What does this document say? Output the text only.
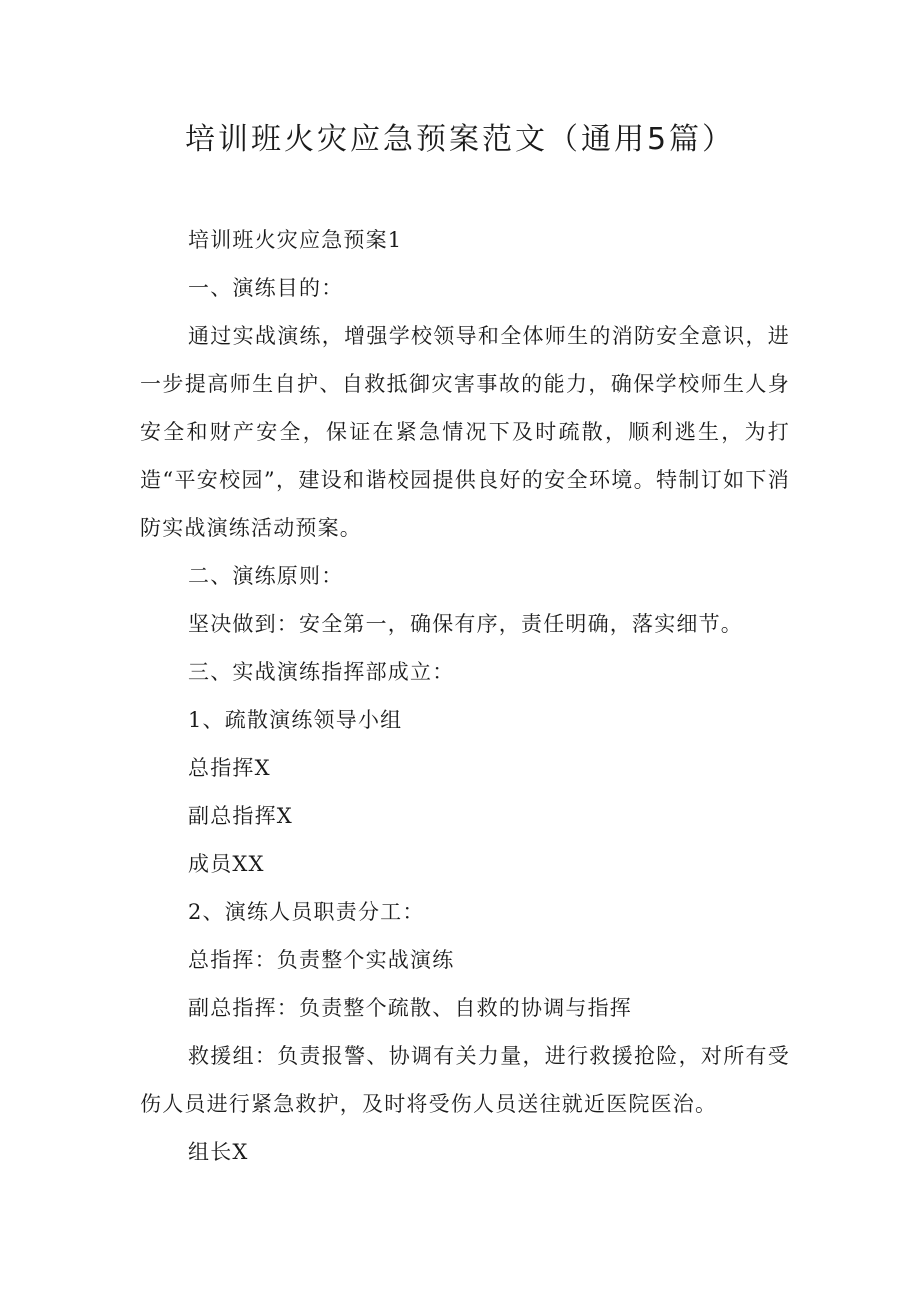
培训班火灾应急预案范文（通用5篇）

培训班火灾应急预案1

一、演练目的：

通过实战演练，增强学校领导和全体师生的消防安全意识，进一步提高师生自护、自救抵御灾害事故的能力，确保学校师生人身安全和财产安全，保证在紧急情况下及时疏散，顺利逃生，为打造“平安校园”，建设和谐校园提供良好的安全环境。特制订如下消防实战演练活动预案。

二、演练原则：

坚决做到：安全第一，确保有序，责任明确，落实细节。

三、实战演练指挥部成立：

1、疏散演练领导小组

总指挥X

副总指挥X

成员XX

2、演练人员职责分工：

总指挥：负责整个实战演练

副总指挥：负责整个疏散、自救的协调与指挥

救援组：负责报警、协调有关力量，进行救援抢险，对所有受伤人员进行紧急救护，及时将受伤人员送往就近医院医治。

组长X
